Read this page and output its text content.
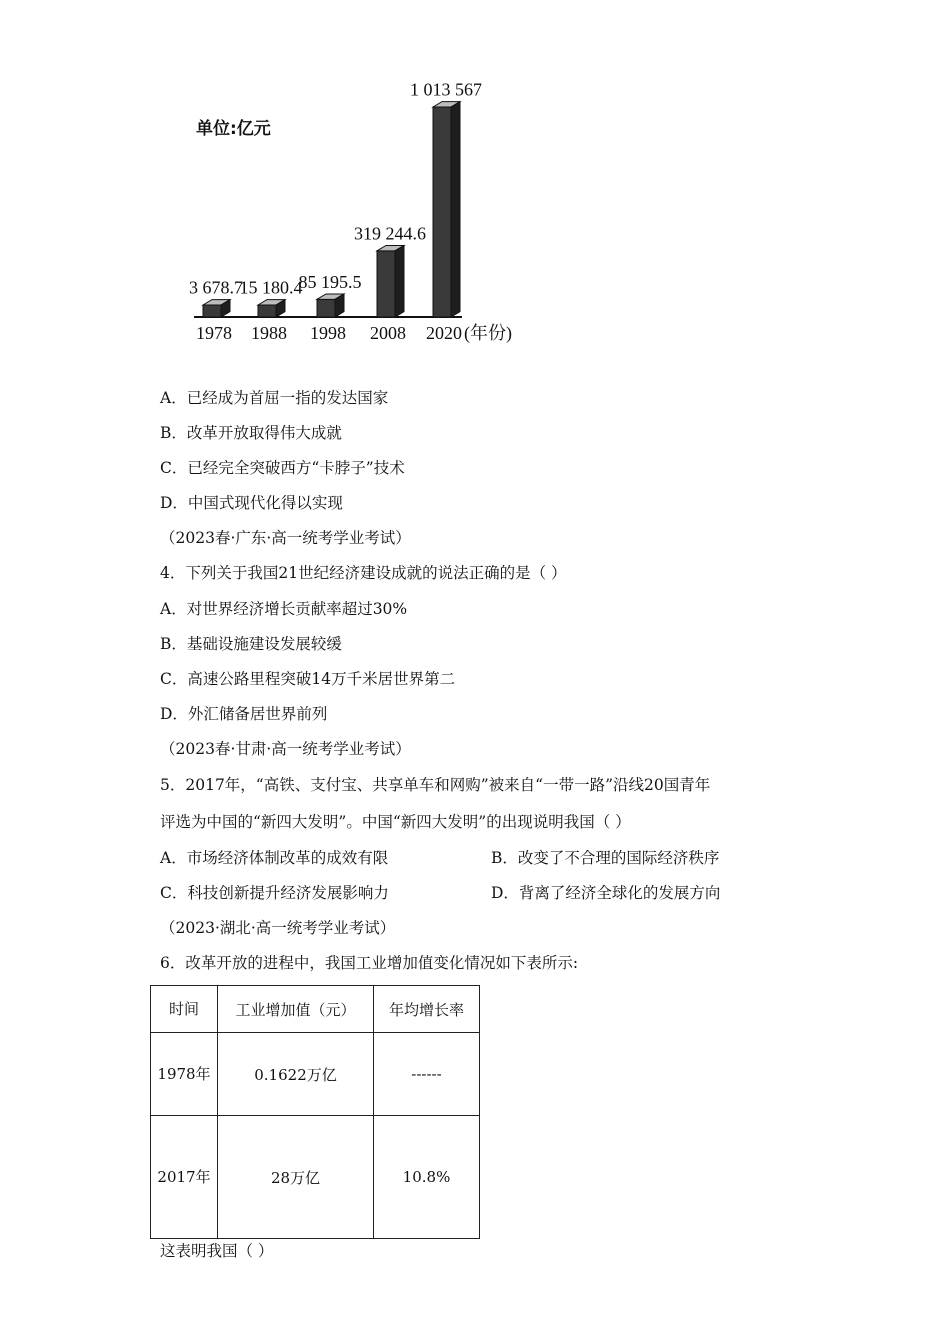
单位:亿元
3 678.7
15 180.4
85 195.5
319 244.6
1 013 567
1978 1988 1998 2008 2020 (年份)
A．已经成为首屈一指的发达国家
B．改革开放取得伟大成就
C．已经完全突破西方“卡脖子”技术
D．中国式现代化得以实现
（2023春·广东·高一统考学业考试）
4．下列关于我国21世纪经济建设成就的说法正确的是（ ）
A．对世界经济增长贡献率超过30%
B．基础设施建设发展较缓
C．高速公路里程突破14万千米居世界第二
D．外汇储备居世界前列
（2023春·甘肃·高一统考学业考试）
5．2017年，“高铁、支付宝、共享单车和网购”被来自“一带一路”沿线20国青年
评选为中国的“新四大发明”。中国“新四大发明”的出现说明我国（ ）
A．市场经济体制改革的成效有限	B．改变了不合理的国际经济秩序
C．科技创新提升经济发展影响力	D．背离了经济全球化的发展方向
（2023·湖北·高一统考学业考试）
6．改革开放的进程中，我国工业增加值变化情况如下表所示:
时间	工业增加值（元）	年均增长率
1978年	0.1622万亿	------
2017年	28万亿	10.8%
这表明我国（ ）
